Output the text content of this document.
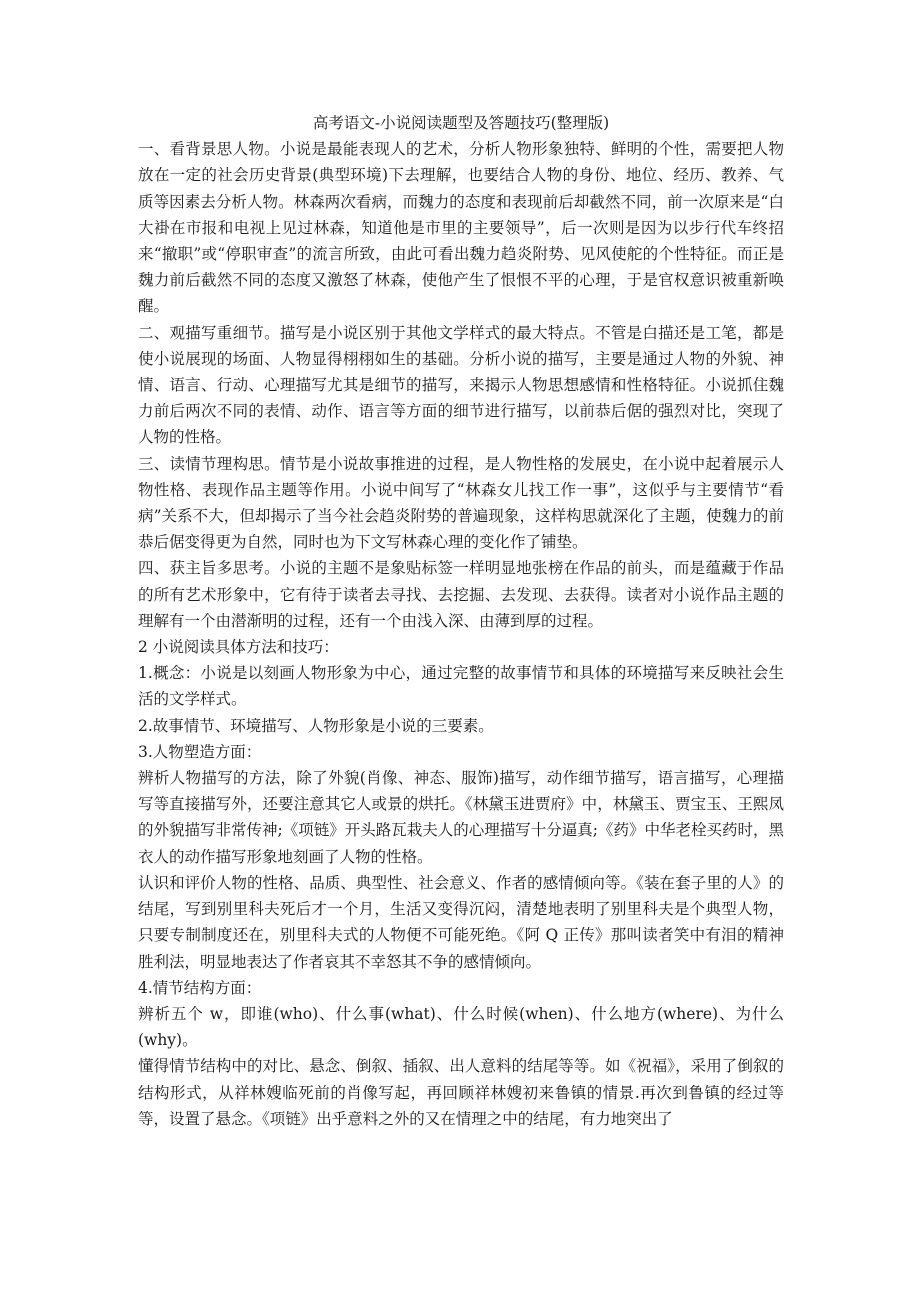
高考语文-小说阅读题型及答题技巧(整理版)

一、看背景思人物。小说是最能表现人的艺术，分析人物形象独特、鲜明的个性，需要把人物放在一定的社会历史背景(典型环境)下去理解，也要结合人物的身份、地位、经历、教养、气质等因素去分析人物。林森两次看病，而魏力的态度和表现前后却截然不同，前一次原来是“白大褂在市报和电视上见过林森，知道他是市里的主要领导”，后一次则是因为以步行代车终招来“撤职”或“停职审查”的流言所致，由此可看出魏力趋炎附势、见风使舵的个性特征。而正是魏力前后截然不同的态度又激怒了林森，使他产生了恨恨不平的心理，于是官权意识被重新唤醒。

二、观描写重细节。描写是小说区别于其他文学样式的最大特点。不管是白描还是工笔，都是使小说展现的场面、人物显得栩栩如生的基础。分析小说的描写，主要是通过人物的外貌、神情、语言、行动、心理描写尤其是细节的描写，来揭示人物思想感情和性格特征。小说抓住魏力前后两次不同的表情、动作、语言等方面的细节进行描写，以前恭后倨的强烈对比，突现了人物的性格。

三、读情节理构思。情节是小说故事推进的过程，是人物性格的发展史，在小说中起着展示人物性格、表现作品主题等作用。小说中间写了“林森女儿找工作一事”，这似乎与主要情节“看病”关系不大，但却揭示了当今社会趋炎附势的普遍现象，这样构思就深化了主题，使魏力的前恭后倨变得更为自然，同时也为下文写林森心理的变化作了铺垫。

四、获主旨多思考。小说的主题不是象贴标签一样明显地张榜在作品的前头，而是蕴藏于作品的所有艺术形象中，它有待于读者去寻找、去挖掘、去发现、去获得。读者对小说作品主题的理解有一个由潜渐明的过程，还有一个由浅入深、由薄到厚的过程。

2 小说阅读具体方法和技巧：

1.概念：小说是以刻画人物形象为中心，通过完整的故事情节和具体的环境描写来反映社会生活的文学样式。

2.故事情节、环境描写、人物形象是小说的三要素。

3.人物塑造方面：

辨析人物描写的方法，除了外貌(肖像、神态、服饰)描写，动作细节描写，语言描写，心理描写等直接描写外，还要注意其它人或景的烘托。《林黛玉进贾府》中，林黛玉、贾宝玉、王熙凤的外貌描写非常传神;《项链》开头路瓦栽夫人的心理描写十分逼真;《药》中华老栓买药时，黑衣人的动作描写形象地刻画了人物的性格。

认识和评价人物的性格、品质、典型性、社会意义、作者的感情倾向等。《装在套子里的人》的结尾，写到别里科夫死后才一个月，生活又变得沉闷，清楚地表明了别里科夫是个典型人物，只要专制制度还在，别里科夫式的人物便不可能死绝。《阿 Q 正传》那叫读者笑中有泪的精神胜利法，明显地表达了作者哀其不幸怒其不争的感情倾向。

4.情节结构方面：

辨析五个 w，即谁(who)、什么事(what)、什么时候(when)、什么地方(where)、为什么(why)。

懂得情节结构中的对比、悬念、倒叙、插叙、出人意料的结尾等等。如《祝福》，采用了倒叙的结构形式，从祥林嫂临死前的肖像写起，再回顾祥林嫂初来鲁镇的情景.再次到鲁镇的经过等等，设置了悬念。《项链》出乎意料之外的又在情理之中的结尾，有力地突出了
